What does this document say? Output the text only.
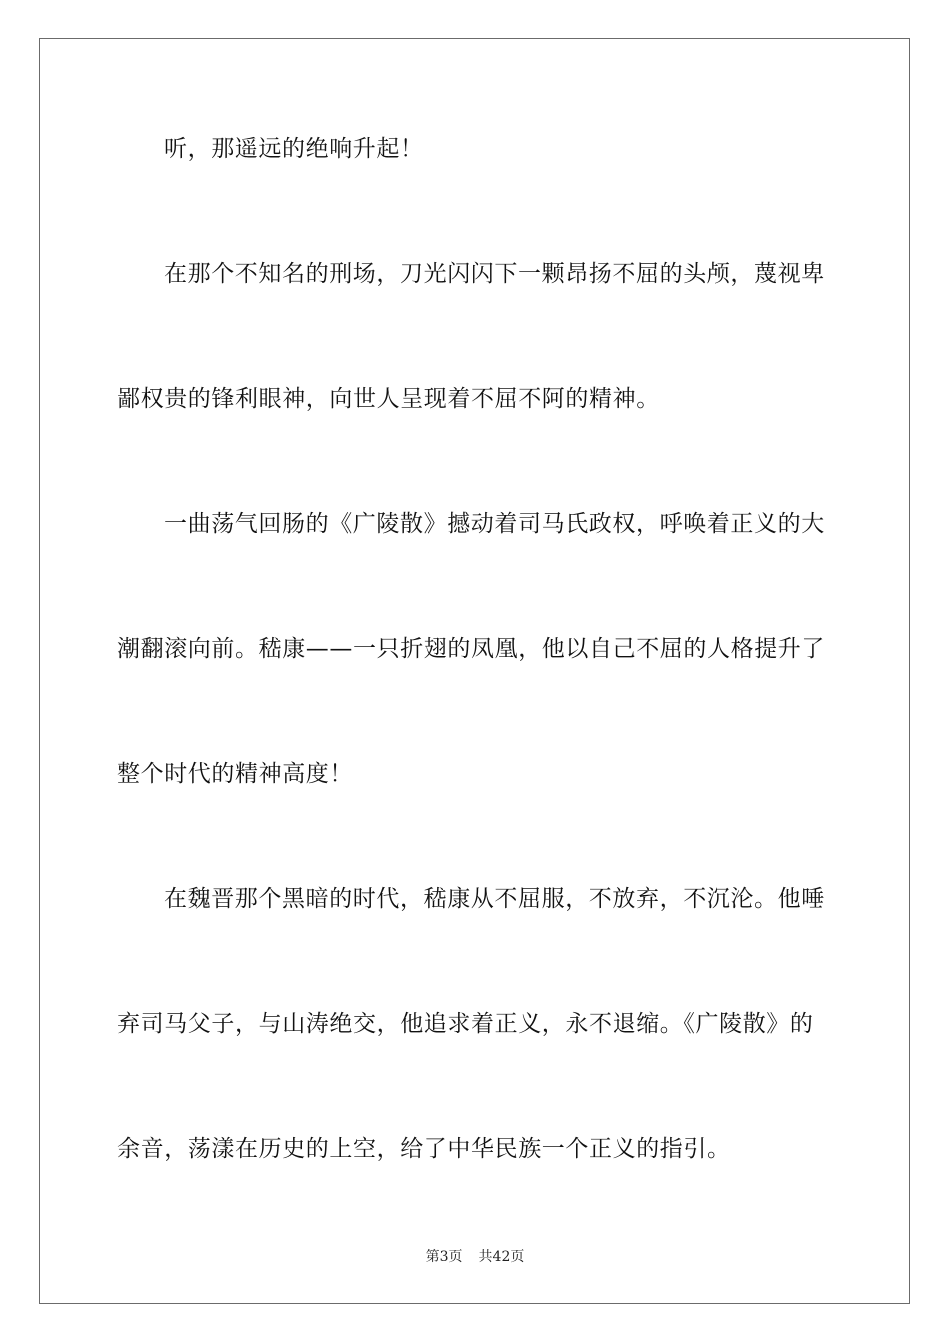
听，那遥远的绝响升起！
在那个不知名的刑场，刀光闪闪下一颗昂扬不屈的头颅，蔑视卑
鄙权贵的锋利眼神，向世人呈现着不屈不阿的精神。
一曲荡气回肠的《广陵散》撼动着司马氏政权，呼唤着正义的大
潮翻滚向前。嵇康——一只折翅的凤凰，他以自己不屈的人格提升了
整个时代的精神高度！
在魏晋那个黑暗的时代，嵇康从不屈服，不放弃，不沉沦。他唾
弃司马父子，与山涛绝交，他追求着正义，永不退缩。《广陵散》的
余音，荡漾在历史的上空，给了中华民族一个正义的指引。
第3页 共42页
